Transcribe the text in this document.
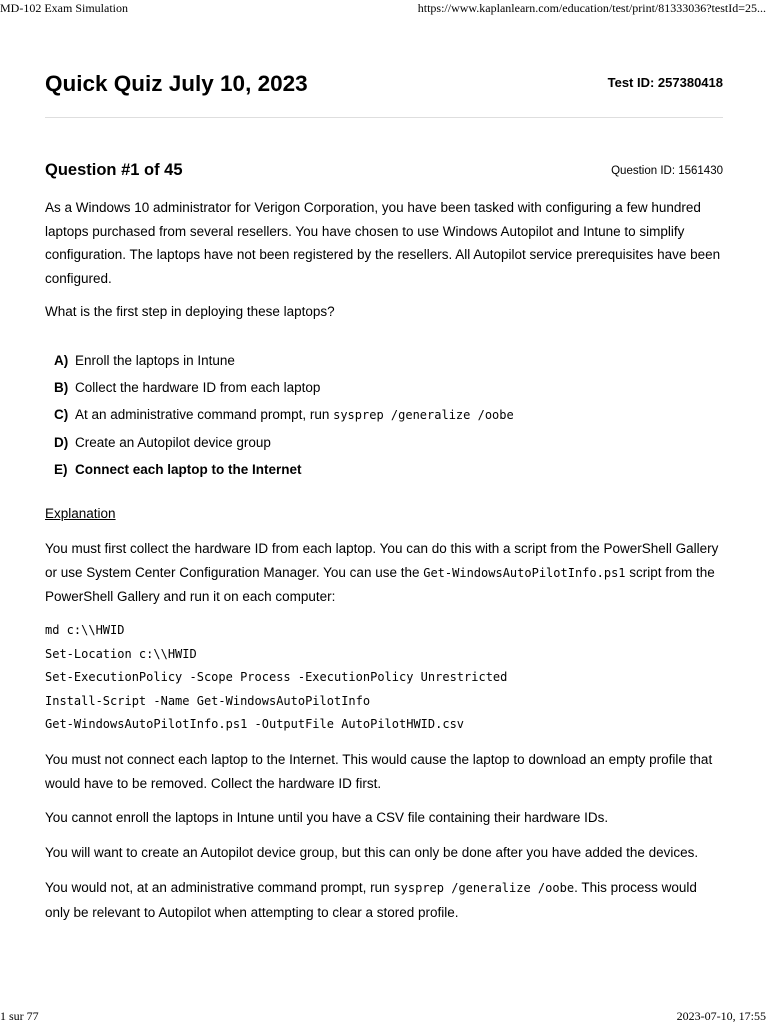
MD-102 Exam Simulation	https://www.kaplanlearn.com/education/test/print/81333036?testId=25...
Quick Quiz July 10, 2023	Test ID: 257380418
Question #1 of 45	Question ID: 1561430

As a Windows 10 administrator for Verigon Corporation, you have been tasked with configuring a few hundred laptops purchased from several resellers. You have chosen to use Windows Autopilot and Intune to simplify configuration. The laptops have not been registered by the resellers. All Autopilot service prerequisites have been configured.

What is the first step in deploying these laptops?

A) Enroll the laptops in Intune
B) Collect the hardware ID from each laptop
C) At an administrative command prompt, run sysprep /generalize /oobe
D) Create an Autopilot device group
E) Connect each laptop to the Internet
Explanation

You must first collect the hardware ID from each laptop. You can do this with a script from the PowerShell Gallery or use System Center Configuration Manager. You can use the Get-WindowsAutoPilotInfo.ps1 script from the PowerShell Gallery and run it on each computer:

md c:\\HWID
Set-Location c:\\HWID
Set-ExecutionPolicy -Scope Process -ExecutionPolicy Unrestricted
Install-Script -Name Get-WindowsAutoPilotInfo
Get-WindowsAutoPilotInfo.ps1 -OutputFile AutoPilotHWID.csv

You must not connect each laptop to the Internet. This would cause the laptop to download an empty profile that would have to be removed. Collect the hardware ID first.

You cannot enroll the laptops in Intune until you have a CSV file containing their hardware IDs.

You will want to create an Autopilot device group, but this can only be done after you have added the devices.

You would not, at an administrative command prompt, run sysprep /generalize /oobe. This process would only be relevant to Autopilot when attempting to clear a stored profile.

1 sur 77	2023-07-10, 17:55
